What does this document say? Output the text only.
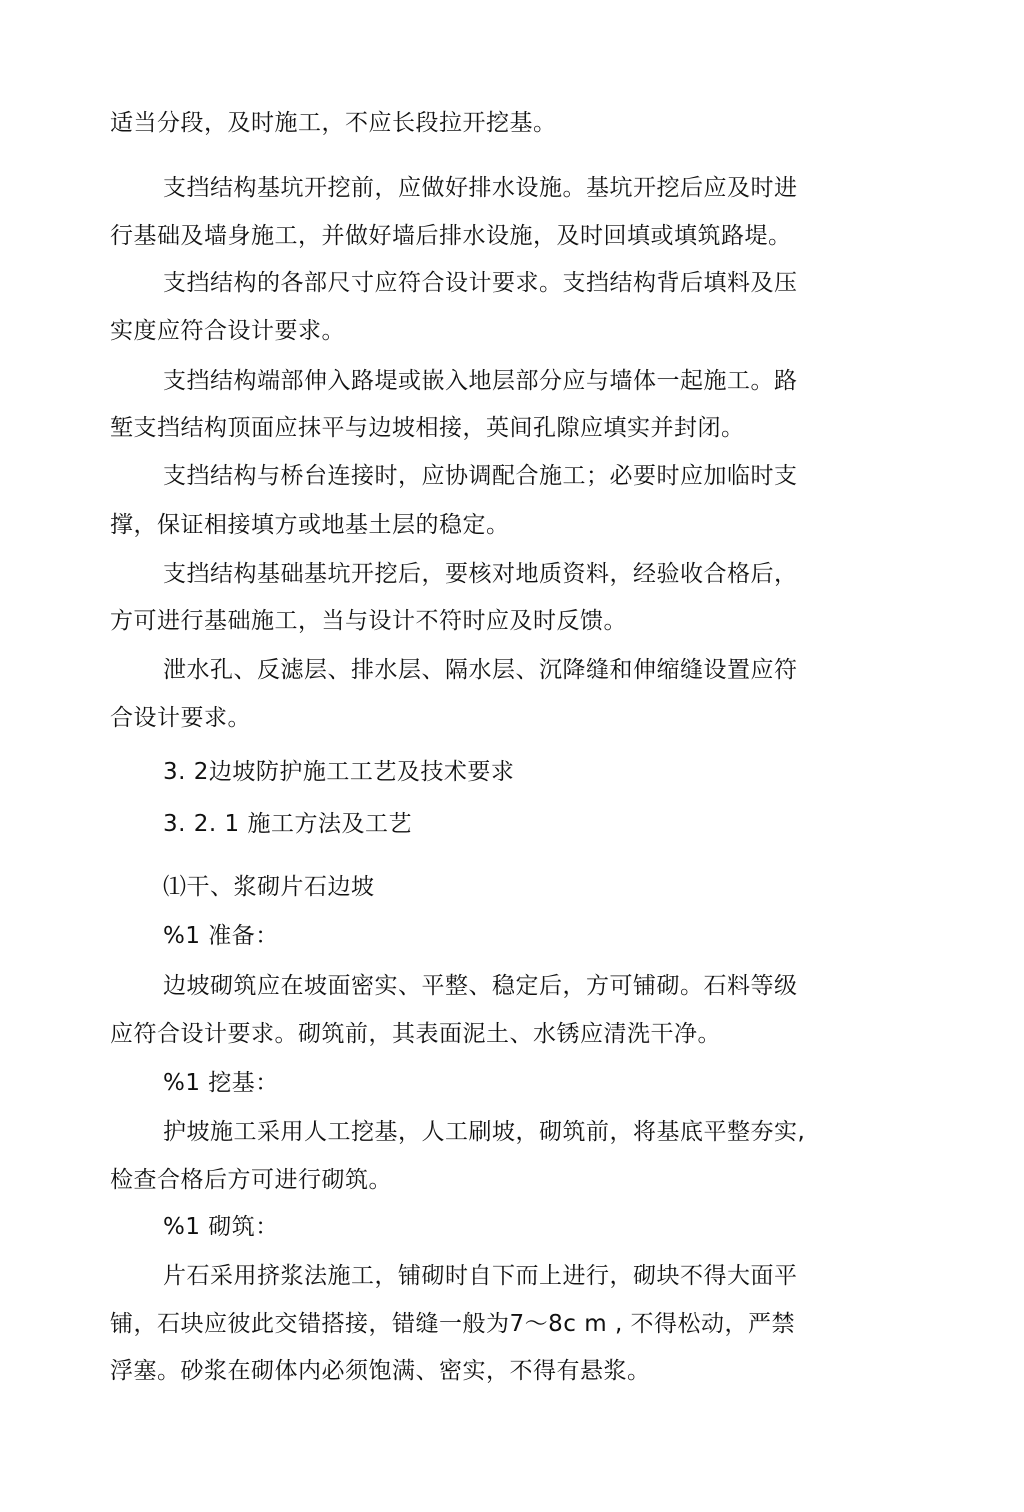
适当分段，及时施工，不应长段拉开挖基。
支挡结构基坑开挖前，应做好排水设施。基坑开挖后应及时进
行基础及墙身施工，并做好墙后排水设施，及时回填或填筑路堤。
支挡结构的各部尺寸应符合设计要求。支挡结构背后填料及压
实度应符合设计要求。
支挡结构端部伸入路堤或嵌入地层部分应与墙体一起施工。路
堑支挡结构顶面应抹平与边坡相接，英间孔隙应填实并封闭。
支挡结构与桥台连接时，应协调配合施工；必要时应加临时支
撑，保证相接填方或地基土层的稳定。
支挡结构基础基坑开挖后，要核对地质资料，经验收合格后，
方可进行基础施工，当与设计不符时应及时反馈。
泄水孔、反滤层、排水层、隔水层、沉降缝和伸缩缝设置应符
合设计要求。
3. 2边坡防护施工工艺及技术要求
3. 2. 1 施工方法及工艺
⑴干、浆砌片石边坡
%1 准备：
边坡砌筑应在坡面密实、平整、稳定后，方可铺砌。石料等级
应符合设计要求。砌筑前，其表面泥土、水锈应清洗干净。
%1 挖基：
护坡施工采用人工挖基，人工刷坡，砌筑前，将基底平整夯实,
检查合格后方可进行砌筑。
%1 砌筑：
片石采用挤浆法施工，铺砌时自下而上进行，砌块不得大面平
铺，石块应彼此交错搭接，错缝一般为7～8c m , 不得松动，严禁
浮塞。砂浆在砌体内必须饱满、密实，不得有悬浆。
